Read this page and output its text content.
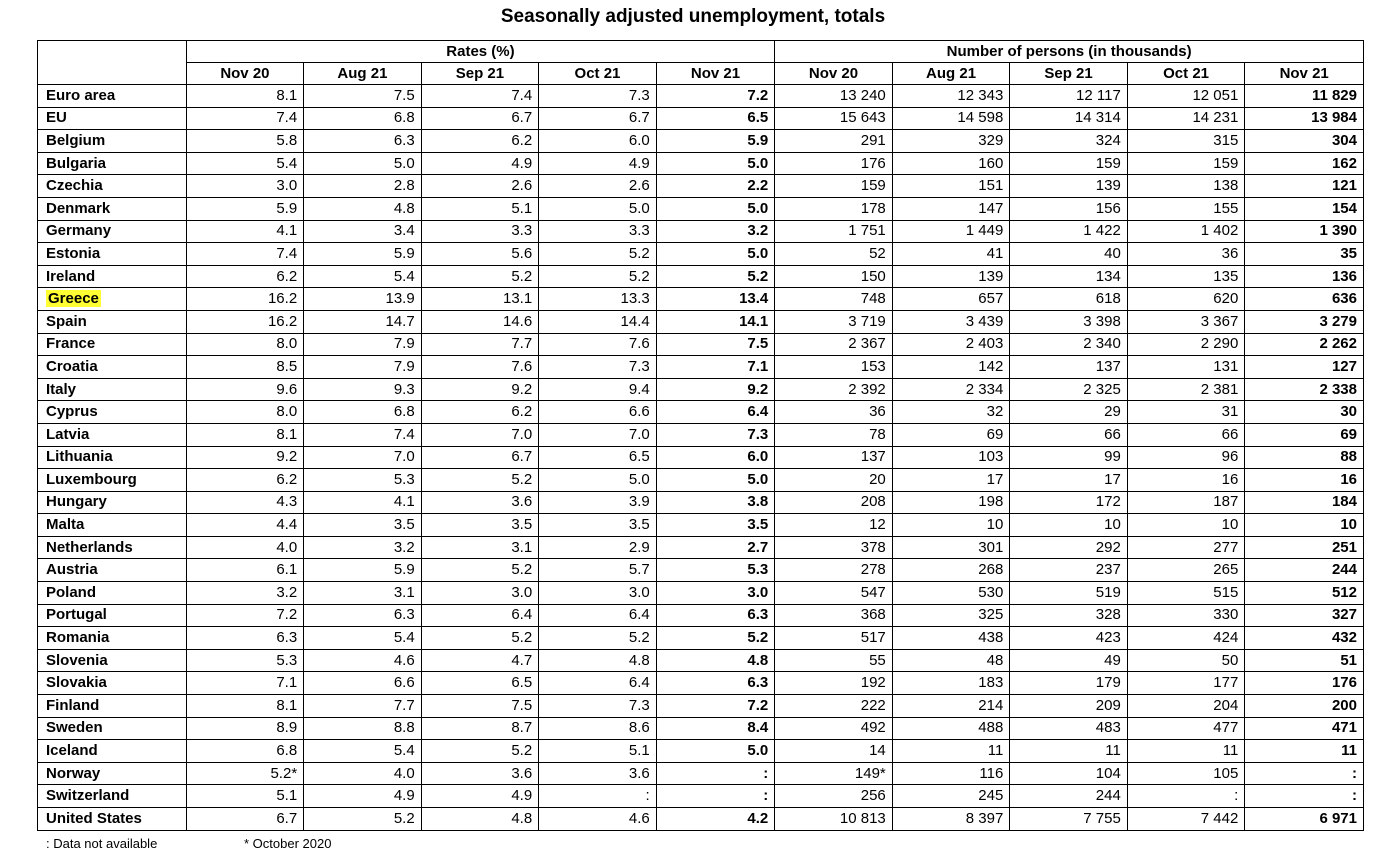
Seasonally adjusted unemployment, totals
	Rates (%)					Number of persons (in thousands)				
	Nov 20	Aug 21	Sep 21	Oct 21	Nov 21	Nov 20	Aug 21	Sep 21	Oct 21	Nov 21
Euro area	8.1	7.5	7.4	7.3	7.2	13 240	12 343	12 117	12 051	11 829
EU	7.4	6.8	6.7	6.7	6.5	15 643	14 598	14 314	14 231	13 984
Belgium	5.8	6.3	6.2	6.0	5.9	291	329	324	315	304
Bulgaria	5.4	5.0	4.9	4.9	5.0	176	160	159	159	162
Czechia	3.0	2.8	2.6	2.6	2.2	159	151	139	138	121
Denmark	5.9	4.8	5.1	5.0	5.0	178	147	156	155	154
Germany	4.1	3.4	3.3	3.3	3.2	1 751	1 449	1 422	1 402	1 390
Estonia	7.4	5.9	5.6	5.2	5.0	52	41	40	36	35
Ireland	6.2	5.4	5.2	5.2	5.2	150	139	134	135	136
Greece	16.2	13.9	13.1	13.3	13.4	748	657	618	620	636
Spain	16.2	14.7	14.6	14.4	14.1	3 719	3 439	3 398	3 367	3 279
France	8.0	7.9	7.7	7.6	7.5	2 367	2 403	2 340	2 290	2 262
Croatia	8.5	7.9	7.6	7.3	7.1	153	142	137	131	127
Italy	9.6	9.3	9.2	9.4	9.2	2 392	2 334	2 325	2 381	2 338
Cyprus	8.0	6.8	6.2	6.6	6.4	36	32	29	31	30
Latvia	8.1	7.4	7.0	7.0	7.3	78	69	66	66	69
Lithuania	9.2	7.0	6.7	6.5	6.0	137	103	99	96	88
Luxembourg	6.2	5.3	5.2	5.0	5.0	20	17	17	16	16
Hungary	4.3	4.1	3.6	3.9	3.8	208	198	172	187	184
Malta	4.4	3.5	3.5	3.5	3.5	12	10	10	10	10
Netherlands	4.0	3.2	3.1	2.9	2.7	378	301	292	277	251
Austria	6.1	5.9	5.2	5.7	5.3	278	268	237	265	244
Poland	3.2	3.1	3.0	3.0	3.0	547	530	519	515	512
Portugal	7.2	6.3	6.4	6.4	6.3	368	325	328	330	327
Romania	6.3	5.4	5.2	5.2	5.2	517	438	423	424	432
Slovenia	5.3	4.6	4.7	4.8	4.8	55	48	49	50	51
Slovakia	7.1	6.6	6.5	6.4	6.3	192	183	179	177	176
Finland	8.1	7.7	7.5	7.3	7.2	222	214	209	204	200
Sweden	8.9	8.8	8.7	8.6	8.4	492	488	483	477	471
Iceland	6.8	5.4	5.2	5.1	5.0	14	11	11	11	11
Norway	5.2*	4.0	3.6	3.6	:	149*	116	104	105	:
Switzerland	5.1	4.9	4.9	:	:	256	245	244	:	:
United States	6.7	5.2	4.8	4.6	4.2	10 813	8 397	7 755	7 442	6 971
: Data not available	* October 2020
